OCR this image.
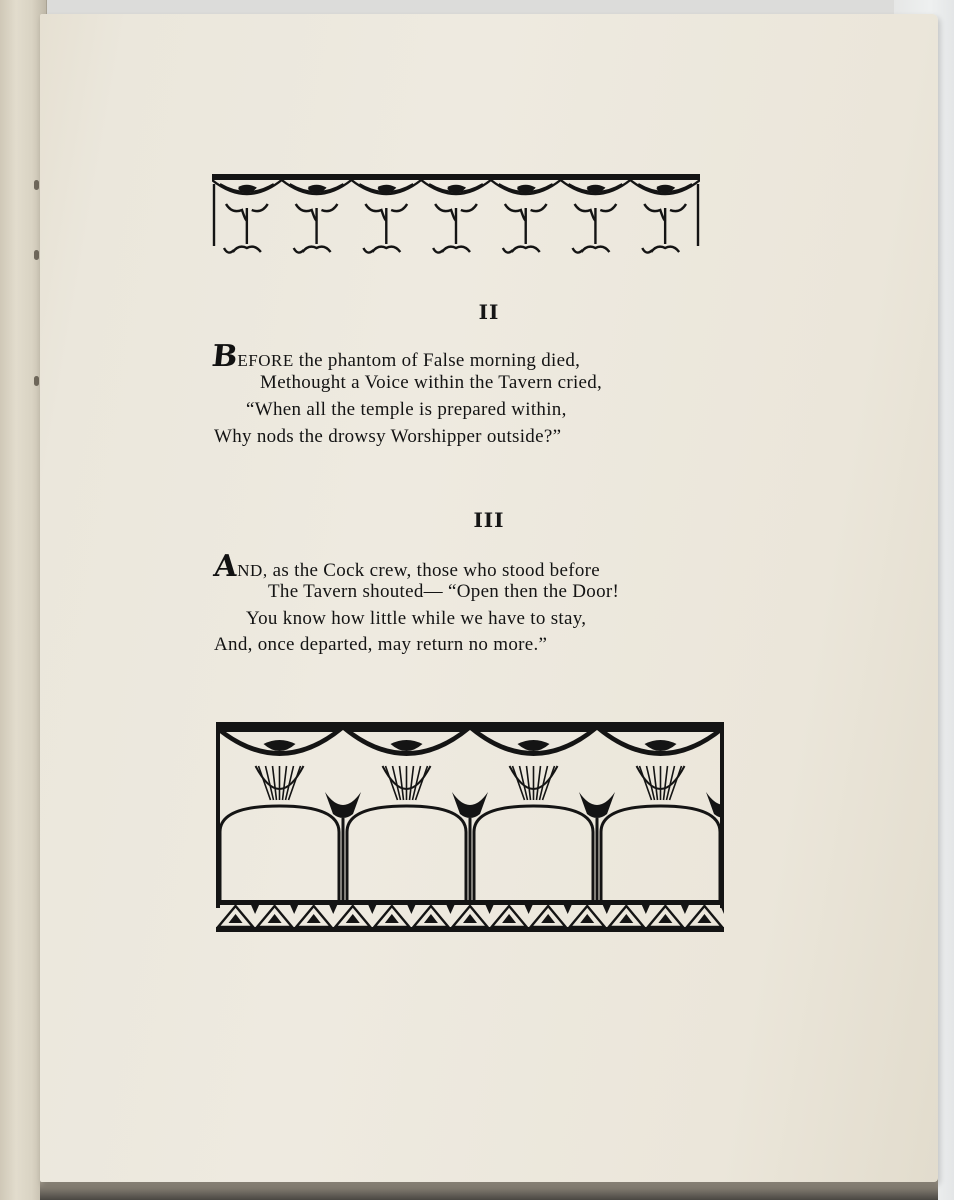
II
BEFORE the phantom of False morning died,
Methought a Voice within the Tavern cried,
“When all the temple is prepared within,
Why nods the drowsy Worshipper outside?”
III
AND, as the Cock crew, those who stood before
The Tavern shouted— “Open then the Door!
You know how little while we have to stay,
And, once departed, may return no more.”
